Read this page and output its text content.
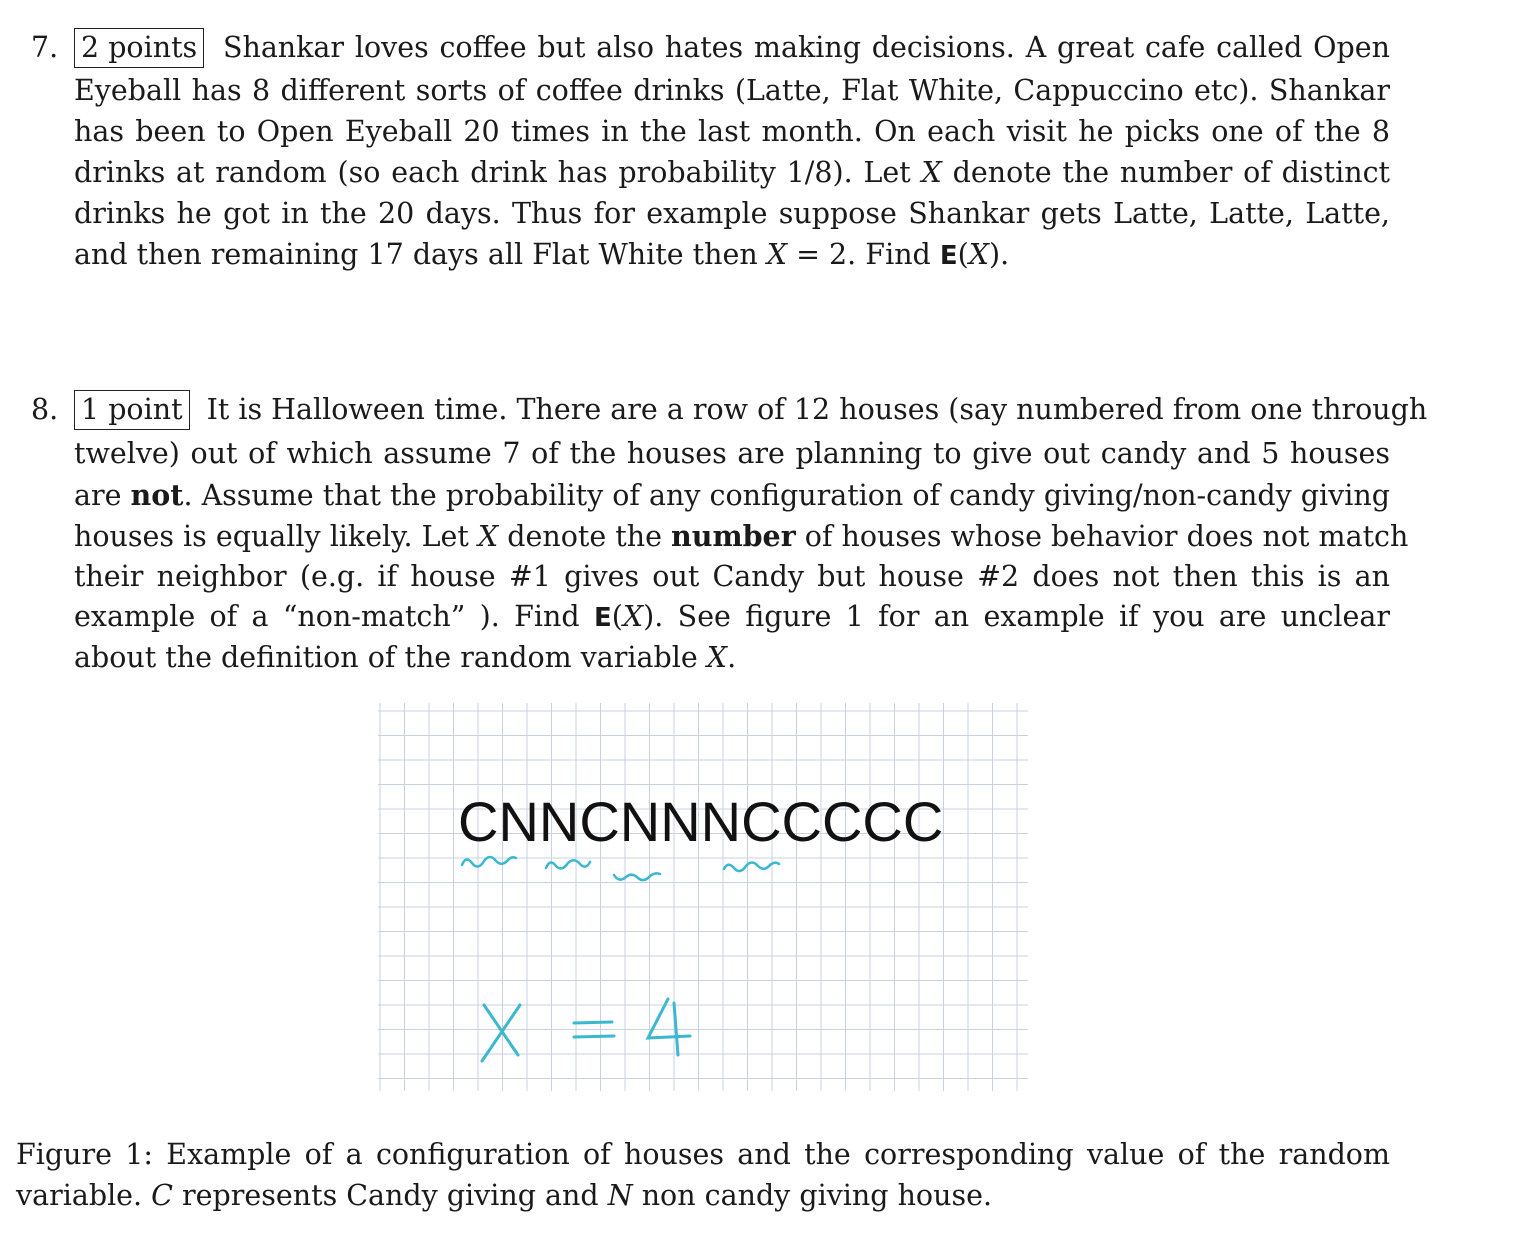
7. 2 points Shankar loves coffee but also hates making decisions. A great cafe called Open
Eyeball has 8 different sorts of coffee drinks (Latte, Flat White, Cappuccino etc). Shankar
has been to Open Eyeball 20 times in the last month. On each visit he picks one of the 8
drinks at random (so each drink has probability 1/8). Let X denote the number of distinct
drinks he got in the 20 days. Thus for example suppose Shankar gets Latte, Latte, Latte,
and then remaining 17 days all Flat White then X = 2. Find E(X).
8. 1 point It is Halloween time. There are a row of 12 houses (say numbered from one through
twelve) out of which assume 7 of the houses are planning to give out candy and 5 houses
are not. Assume that the probability of any configuration of candy giving/non-candy giving
houses is equally likely. Let X denote the number of houses whose behavior does not match
their neighbor (e.g. if house #1 gives out Candy but house #2 does not then this is an
example of a “non-match” ). Find E(X). See figure 1 for an example if you are unclear
about the definition of the random variable X.
CNNCNNNCCCCC
Figure 1: Example of a configuration of houses and the corresponding value of the random
variable. C represents Candy giving and N non candy giving house.
